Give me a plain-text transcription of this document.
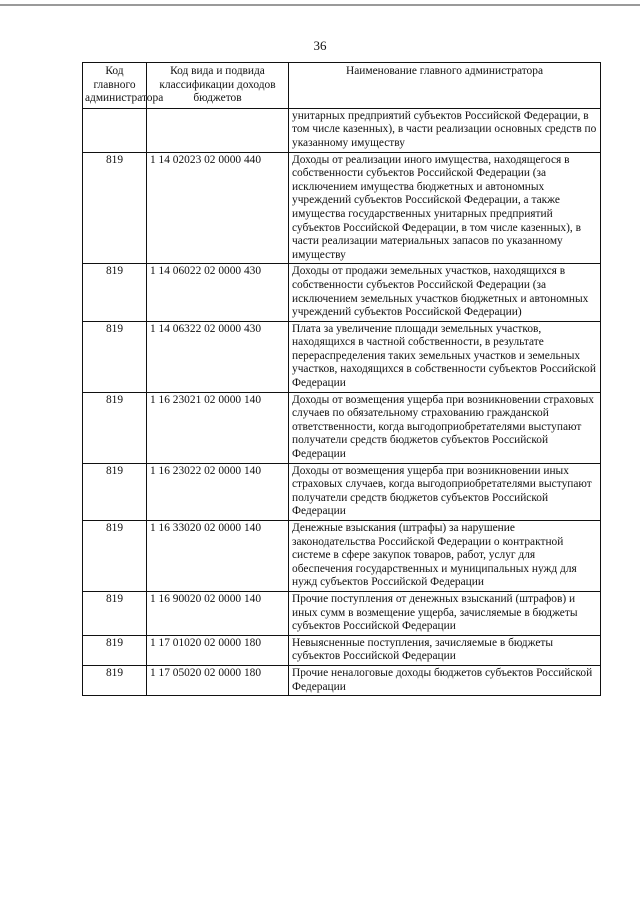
36
Код главного администратора	Код вида и подвида классификации доходов бюджетов	Наименование главного администратора
		унитарных предприятий субъектов Российской Федерации, в том числе казенных), в части реализации основных средств по указанному имуществу
819	1 14 02023 02 0000 440	Доходы от реализации иного имущества, находящегося в собственности субъектов Российской Федерации (за исключением имущества бюджетных и автономных учреждений субъектов Российской Федерации, а также имущества государственных унитарных предприятий субъектов Российской Федерации, в том числе казенных), в части реализации материальных запасов по указанному имуществу
819	1 14 06022 02 0000 430	Доходы от продажи земельных участков, находящихся в собственности субъектов Российской Федерации (за исключением земельных участков бюджетных и автономных учреждений субъектов Российской Федерации)
819	1 14 06322 02 0000 430	Плата за увеличение площади земельных участков, находящихся в частной собственности, в результате перераспределения таких земельных участков и земельных участков, находящихся в собственности субъектов Российской Федерации
819	1 16 23021 02 0000 140	Доходы от возмещения ущерба при возникновении страховых случаев по обязательному страхованию гражданской ответственности, когда выгодоприобретателями выступают получатели средств бюджетов субъектов Российской Федерации
819	1 16 23022 02 0000 140	Доходы от возмещения ущерба при возникновении иных страховых случаев, когда выгодоприобретателями выступают получатели средств бюджетов субъектов Российской Федерации
819	1 16 33020 02 0000 140	Денежные взыскания (штрафы) за нарушение законодательства Российской Федерации о контрактной системе в сфере закупок товаров, работ, услуг для обеспечения государственных и муниципальных нужд для нужд субъектов Российской Федерации
819	1 16 90020 02 0000 140	Прочие поступления от денежных взысканий (штрафов) и иных сумм в возмещение ущерба, зачисляемые в бюджеты субъектов Российской Федерации
819	1 17 01020 02 0000 180	Невыясненные поступления, зачисляемые в бюджеты субъектов Российской Федерации
819	1 17 05020 02 0000 180	Прочие неналоговые доходы бюджетов субъектов Российской Федерации
